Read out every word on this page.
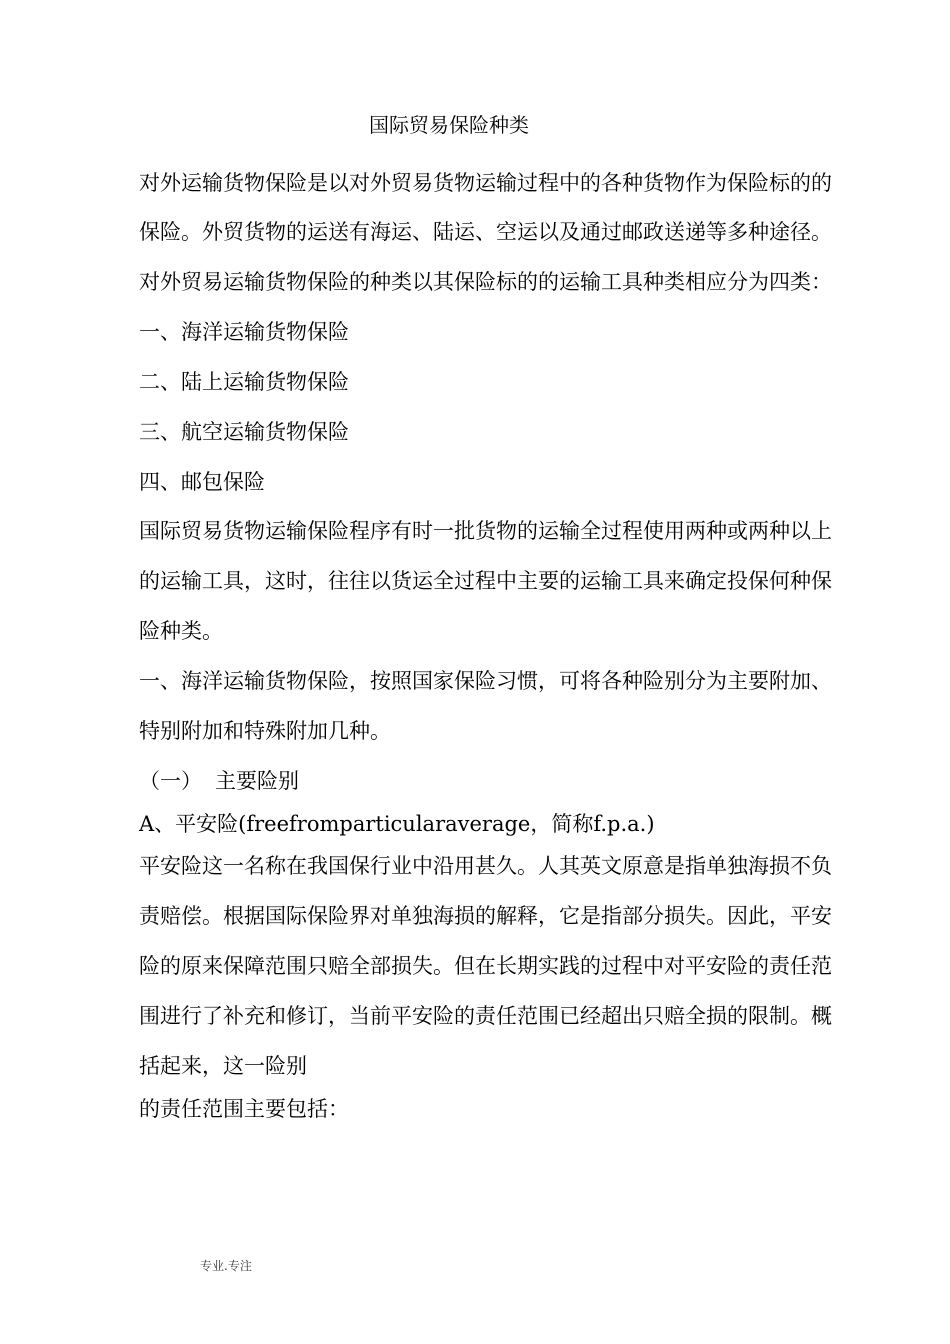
国际贸易保险种类
对外运输货物保险是以对外贸易货物运输过程中的各种货物作为保险标的的
保险。外贸货物的运送有海运、陆运、空运以及通过邮政送递等多种途径。
对外贸易运输货物保险的种类以其保险标的的运输工具种类相应分为四类：
一、海洋运输货物保险
二、陆上运输货物保险
三、航空运输货物保险
四、邮包保险
国际贸易货物运输保险程序有时一批货物的运输全过程使用两种或两种以上
的运输工具，这时，往往以货运全过程中主要的运输工具来确定投保何种保
险种类。
一、海洋运输货物保险，按照国家保险习惯，可将各种险别分为主要附加、
特别附加和特殊附加几种。
（一） 主要险别
A、平安险(freefromparticularaverage，简称f.p.a.)
平安险这一名称在我国保行业中沿用甚久。人其英文原意是指单独海损不负
责赔偿。根据国际保险界对单独海损的解释，它是指部分损失。因此，平安
险的原来保障范围只赔全部损失。但在长期实践的过程中对平安险的责任范
围进行了补充和修订，当前平安险的责任范围已经超出只赔全损的限制。概
括起来，这一险别
的责任范围主要包括：
专业.专注
